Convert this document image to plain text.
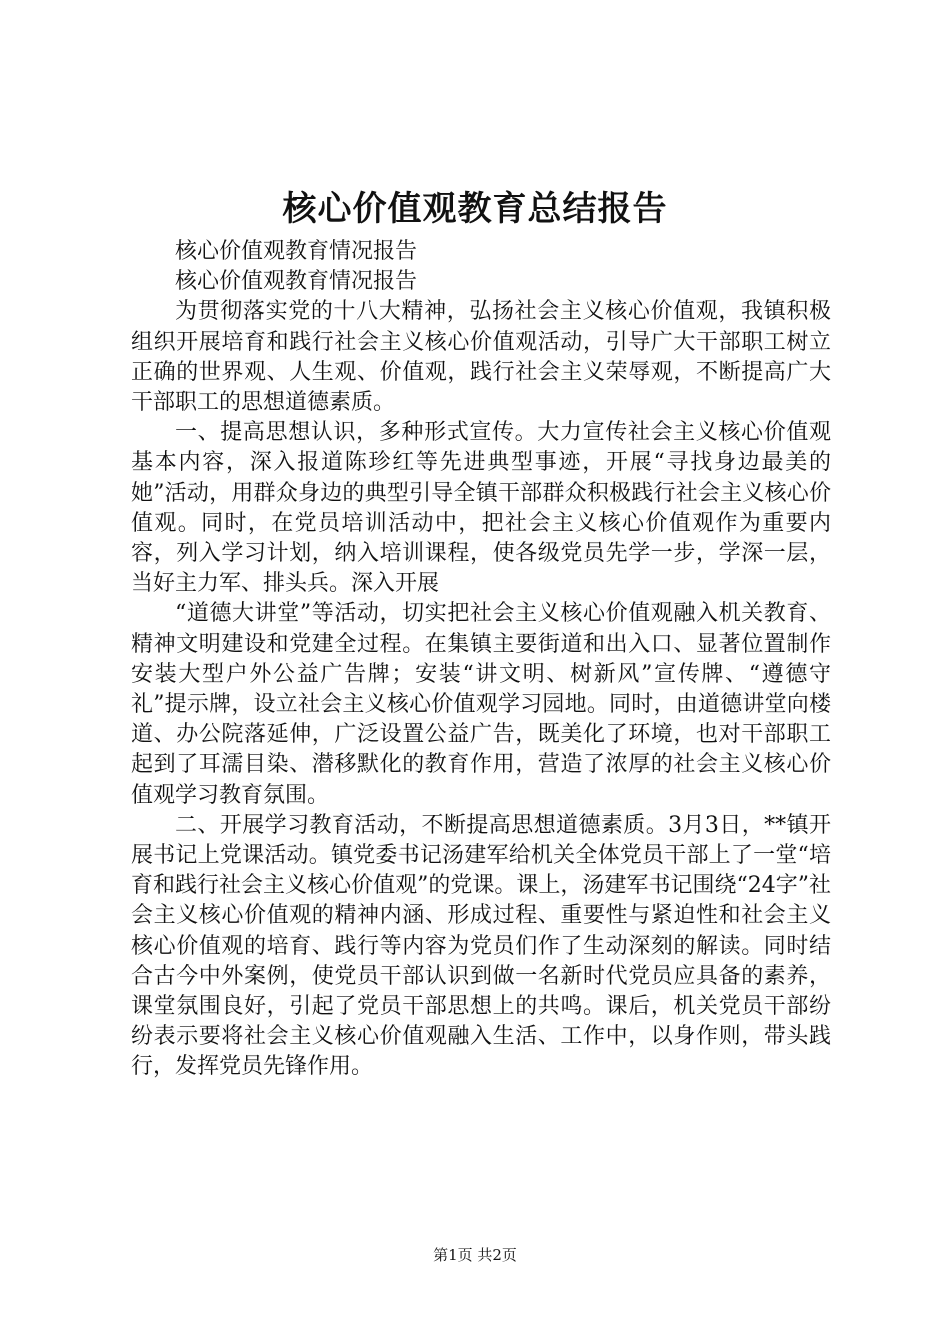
核心价值观教育总结报告

核心价值观教育情况报告

核心价值观教育情况报告

为贯彻落实党的十八大精神，弘扬社会主义核心价值观，我镇积极组织开展培育和践行社会主义核心价值观活动，引导广大干部职工树立正确的世界观、人生观、价值观，践行社会主义荣辱观，不断提高广大干部职工的思想道德素质。

一、提高思想认识，多种形式宣传。大力宣传社会主义核心价值观基本内容，深入报道陈珍红等先进典型事迹，开展“寻找身边最美的她”活动，用群众身边的典型引导全镇干部群众积极践行社会主义核心价值观。同时，在党员培训活动中，把社会主义核心价值观作为重要内容，列入学习计划，纳入培训课程，使各级党员先学一步，学深一层，当好主力军、排头兵。深入开展

“道德大讲堂”等活动，切实把社会主义核心价值观融入机关教育、精神文明建设和党建全过程。在集镇主要街道和出入口、显著位置制作安装大型户外公益广告牌；安装“讲文明、树新风”宣传牌、“遵德守礼”提示牌，设立社会主义核心价值观学习园地。同时，由道德讲堂向楼道、办公院落延伸，广泛设置公益广告，既美化了环境，也对干部职工起到了耳濡目染、潜移默化的教育作用，营造了浓厚的社会主义核心价值观学习教育氛围。

二、开展学习教育活动，不断提高思想道德素质。3月3日，**镇开展书记上党课活动。镇党委书记汤建军给机关全体党员干部上了一堂“培育和践行社会主义核心价值观”的党课。课上，汤建军书记围绕“24字”社会主义核心价值观的精神内涵、形成过程、重要性与紧迫性和社会主义核心价值观的培育、践行等内容为党员们作了生动深刻的解读。同时结合古今中外案例，使党员干部认识到做一名新时代党员应具备的素养，课堂氛围良好，引起了党员干部思想上的共鸣。课后，机关党员干部纷纷表示要将社会主义核心价值观融入生活、工作中，以身作则，带头践行，发挥党员先锋作用。

第1页 共2页
